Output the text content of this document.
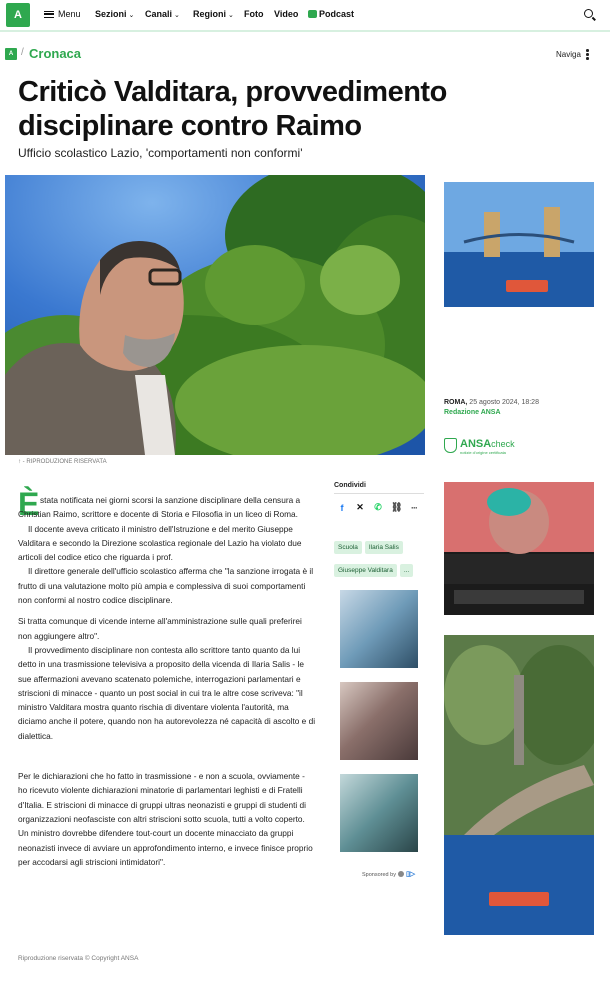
A	Menu Sezioni ⌄ Canali ⌄ Regioni ⌄ Foto Video	Podcast
A / Cronaca	Naviga
Criticò Valditara, provvedimento disciplinare contro Raimo
Ufficio scolastico Lazio, 'comportamenti non conformi'
↑ - RIPRODUZIONE RISERVATA
ROMA, 25 agosto 2024, 18:28
Redazione ANSA
ANSAcheck
notizie d'origine certificata
È stata notificata nei giorni scorsi la sanzione disciplinare della censura a Christian Raimo, scrittore e docente di Storia e Filosofia in un liceo di Roma.

Il docente aveva criticato il ministro dell'Istruzione e del merito Giuseppe Valditara e secondo la Direzione scolastica regionale del Lazio ha violato due articoli del codice etico che riguarda i prof.

Il direttore generale dell'ufficio scolastico afferma che "la sanzione irrogata è il frutto di una valutazione molto più ampia e complessiva di suoi comportamenti non conformi al nostro codice disciplinare.

Si tratta comunque di vicende interne all'amministrazione sulle quali preferirei non aggiungere altro".

Il provvedimento disciplinare non contesta allo scrittore tanto quanto da lui detto in una trasmissione televisiva a proposito della vicenda di Ilaria Salis - le sue affermazioni avevano scatenato polemiche, interrogazioni parlamentari e striscioni di minacce - quanto un post social in cui tra le altre cose scriveva: "il ministro Valditara mostra quanto rischia di diventare violenta l'autorità, ma diciamo anche il potere, quando non ha autorevolezza né capacità di ascolto e di dialettica.

Per le dichiarazioni che ho fatto in trasmissione - e non a scuola, ovviamente - ho ricevuto violente dichiarazioni minatorie di parlamentari leghisti e di Fratelli d'Italia. E striscioni di minacce di gruppi ultras neonazisti e gruppi di studenti di organizzazioni neofasciste con altri striscioni sotto scuola, tutti a volto coperto. Un ministro dovrebbe difendere tout-court un docente minacciato da gruppi neonazisti invece di avviare un approfondimento interno, e invece finisce proprio per accodarsi agli striscioni intimidatori".

Riproduzione riservata © Copyright ANSA
Condividi
f	✕ ✆ ⛓ ···
Scuola Ilaria SalisGiuseppe Valditara ...
Sponsored by ▯▷
